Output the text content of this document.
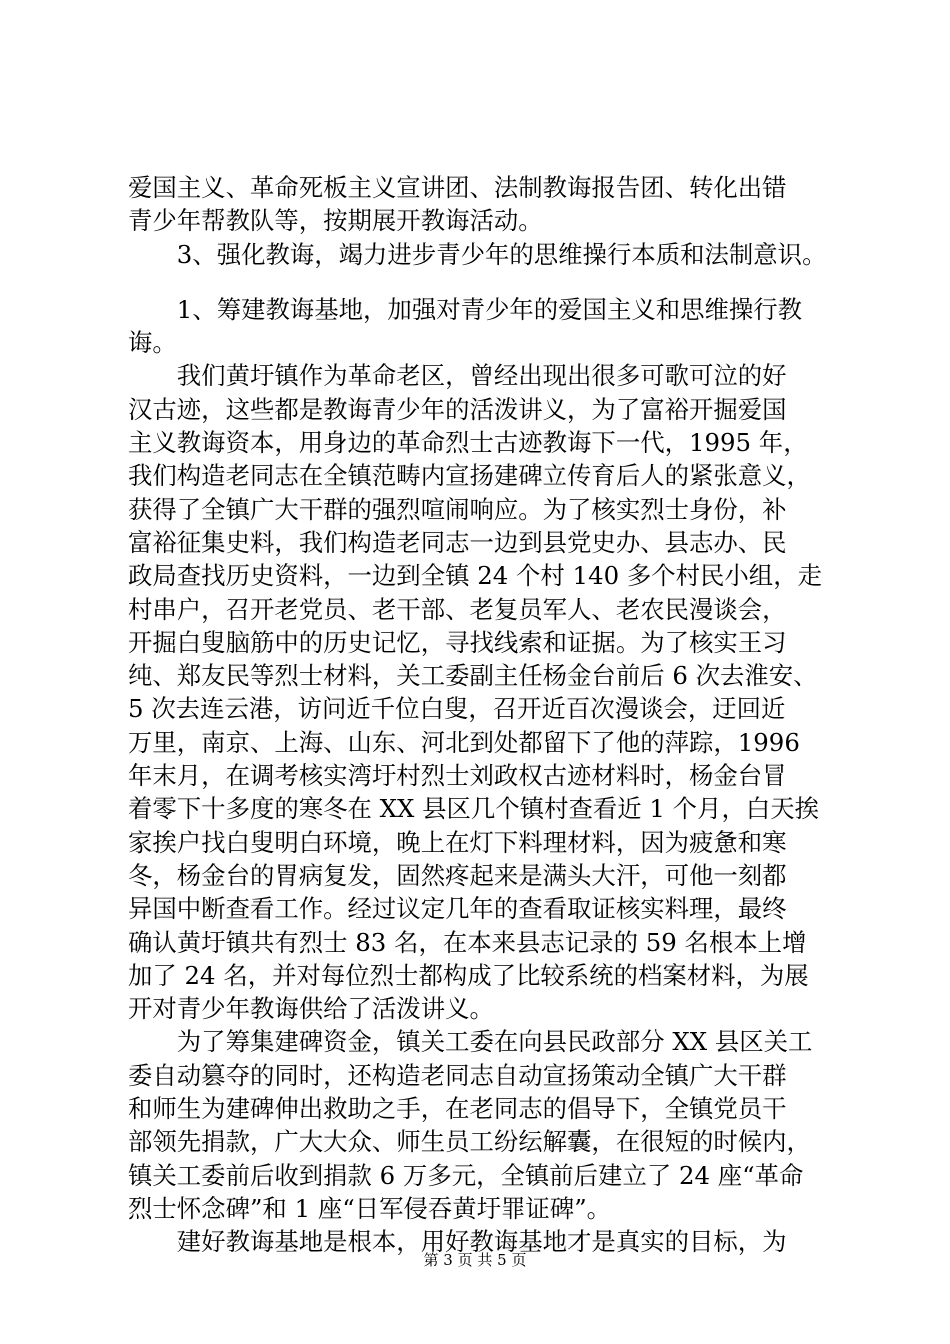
爱国主义、革命死板主义宣讲团、法制教诲报告团、转化出错
青少年帮教队等，按期展开教诲活动。
　　3、强化教诲，竭力进步青少年的思维操行本质和法制意识。
　　1、筹建教诲基地，加强对青少年的爱国主义和思维操行教
诲。
　　我们黄圩镇作为革命老区，曾经出现出很多可歌可泣的好
汉古迹，这些都是教诲青少年的活泼讲义，为了富裕开掘爱国
主义教诲资本，用身边的革命烈士古迹教诲下一代，1995 年，
我们构造老同志在全镇范畴内宣扬建碑立传育后人的紧张意义，
获得了全镇广大干群的强烈喧闹响应。为了核实烈士身份，补
富裕征集史料，我们构造老同志一边到县党史办、县志办、民
政局查找历史资料，一边到全镇 24 个村 140 多个村民小组，走
村串户，召开老党员、老干部、老复员军人、老农民漫谈会，
开掘白叟脑筋中的历史记忆，寻找线索和证据。为了核实王习
纯、郑友民等烈士材料，关工委副主任杨金台前后 6 次去淮安、
5 次去连云港，访问近千位白叟，召开近百次漫谈会，迂回近
万里，南京、上海、山东、河北到处都留下了他的萍踪，1996
年末月，在调考核实湾圩村烈士刘政权古迹材料时，杨金台冒
着零下十多度的寒冬在 XX 县区几个镇村查看近 1 个月，白天挨
家挨户找白叟明白环境，晚上在灯下料理材料，因为疲惫和寒
冬，杨金台的胃病复发，固然疼起来是满头大汗，可他一刻都
异国中断查看工作。经过议定几年的查看取证核实料理，最终
确认黄圩镇共有烈士 83 名，在本来县志记录的 59 名根本上增
加了 24 名，并对每位烈士都构成了比较系统的档案材料，为展
开对青少年教诲供给了活泼讲义。
　　为了筹集建碑资金，镇关工委在向县民政部分 XX 县区关工
委自动篡夺的同时，还构造老同志自动宣扬策动全镇广大干群
和师生为建碑伸出救助之手，在老同志的倡导下，全镇党员干
部领先捐款，广大大众、师生员工纷纭解囊，在很短的时候内，
镇关工委前后收到捐款 6 万多元，全镇前后建立了 24 座“革命
烈士怀念碑”和 1 座“日军侵吞黄圩罪证碑”。
　　建好教诲基地是根本，用好教诲基地才是真实的目标，为
第 3 页 共 5 页
